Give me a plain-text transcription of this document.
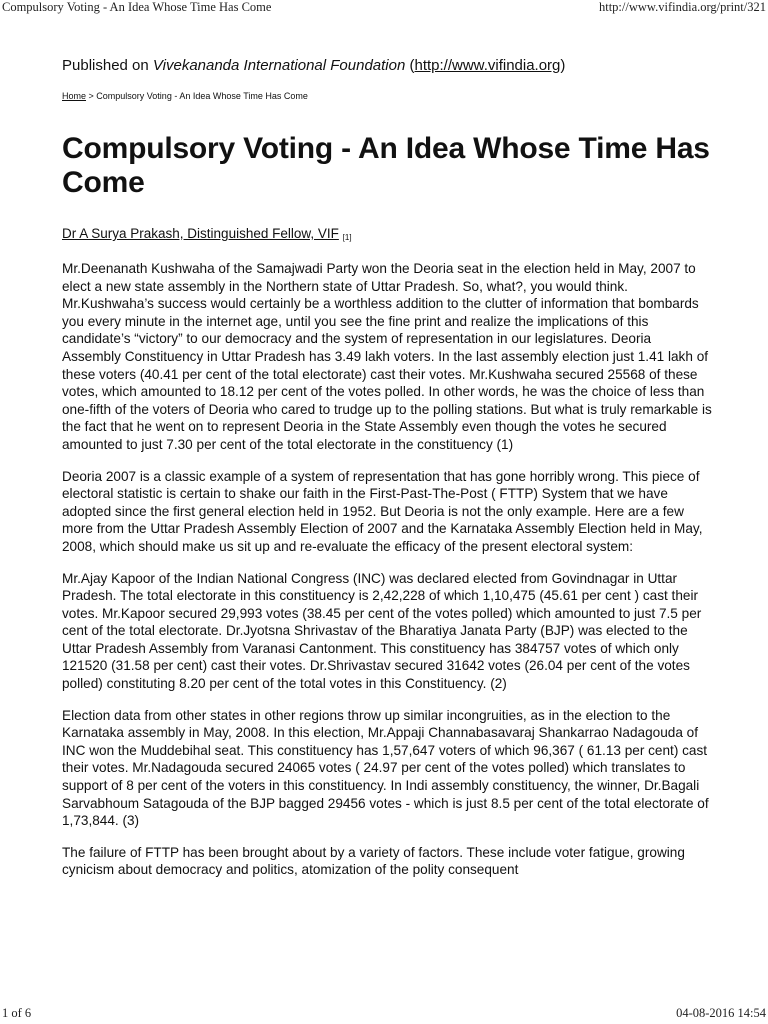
Compulsory Voting - An Idea Whose Time Has Come	http://www.vifindia.org/print/321

Published on Vivekananda International Foundation (http://www.vifindia.org)

Home > Compulsory Voting - An Idea Whose Time Has Come
Compulsory Voting - An Idea Whose Time Has Come
Dr A Surya Prakash, Distinguished Fellow, VIF [1]

Mr.Deenanath Kushwaha of the Samajwadi Party won the Deoria seat in the election held in May, 2007 to elect a new state assembly in the Northern state of Uttar Pradesh. So, what?, you would think. Mr.Kushwaha’s success would certainly be a worthless addition to the clutter of information that bombards you every minute in the internet age, until you see the fine print and realize the implications of this candidate’s “victory” to our democracy and the system of representation in our legislatures. Deoria Assembly Constituency in Uttar Pradesh has 3.49 lakh voters. In the last assembly election just 1.41 lakh of these voters (40.41 per cent of the total electorate) cast their votes. Mr.Kushwaha secured 25568 of these votes, which amounted to 18.12 per cent of the votes polled. In other words, he was the choice of less than one-fifth of the voters of Deoria who cared to trudge up to the polling stations. But what is truly remarkable is the fact that he went on to represent Deoria in the State Assembly even though the votes he secured amounted to just 7.30 per cent of the total electorate in the constituency (1)

Deoria 2007 is a classic example of a system of representation that has gone horribly wrong. This piece of electoral statistic is certain to shake our faith in the First-Past-The-Post ( FTTP) System that we have adopted since the first general election held in 1952. But Deoria is not the only example. Here are a few more from the Uttar Pradesh Assembly Election of 2007 and the Karnataka Assembly Election held in May, 2008, which should make us sit up and re-evaluate the efficacy of the present electoral system:

Mr.Ajay Kapoor of the Indian National Congress (INC) was declared elected from Govindnagar in Uttar Pradesh. The total electorate in this constituency is 2,42,228 of which 1,10,475 (45.61 per cent ) cast their votes. Mr.Kapoor secured 29,993 votes (38.45 per cent of the votes polled) which amounted to just 7.5 per cent of the total electorate. Dr.Jyotsna Shrivastav of the Bharatiya Janata Party (BJP) was elected to the Uttar Pradesh Assembly from Varanasi Cantonment. This constituency has 384757 votes of which only 121520 (31.58 per cent) cast their votes. Dr.Shrivastav secured 31642 votes (26.04 per cent of the votes polled) constituting 8.20 per cent of the total votes in this Constituency. (2)

Election data from other states in other regions throw up similar incongruities, as in the election to the Karnataka assembly in May, 2008. In this election, Mr.Appaji Channabasavaraj Shankarrao Nadagouda of INC won the Muddebihal seat. This constituency has 1,57,647 voters of which 96,367 ( 61.13 per cent) cast their votes. Mr.Nadagouda secured 24065 votes ( 24.97 per cent of the votes polled) which translates to support of 8 per cent of the voters in this constituency. In Indi assembly constituency, the winner, Dr.Bagali Sarvabhoum Satagouda of the BJP bagged 29456 votes - which is just 8.5 per cent of the total electorate of 1,73,844. (3)

The failure of FTTP has been brought about by a variety of factors. These include voter fatigue, growing cynicism about democracy and politics, atomization of the polity consequent

1 of 6	04-08-2016 14:54
